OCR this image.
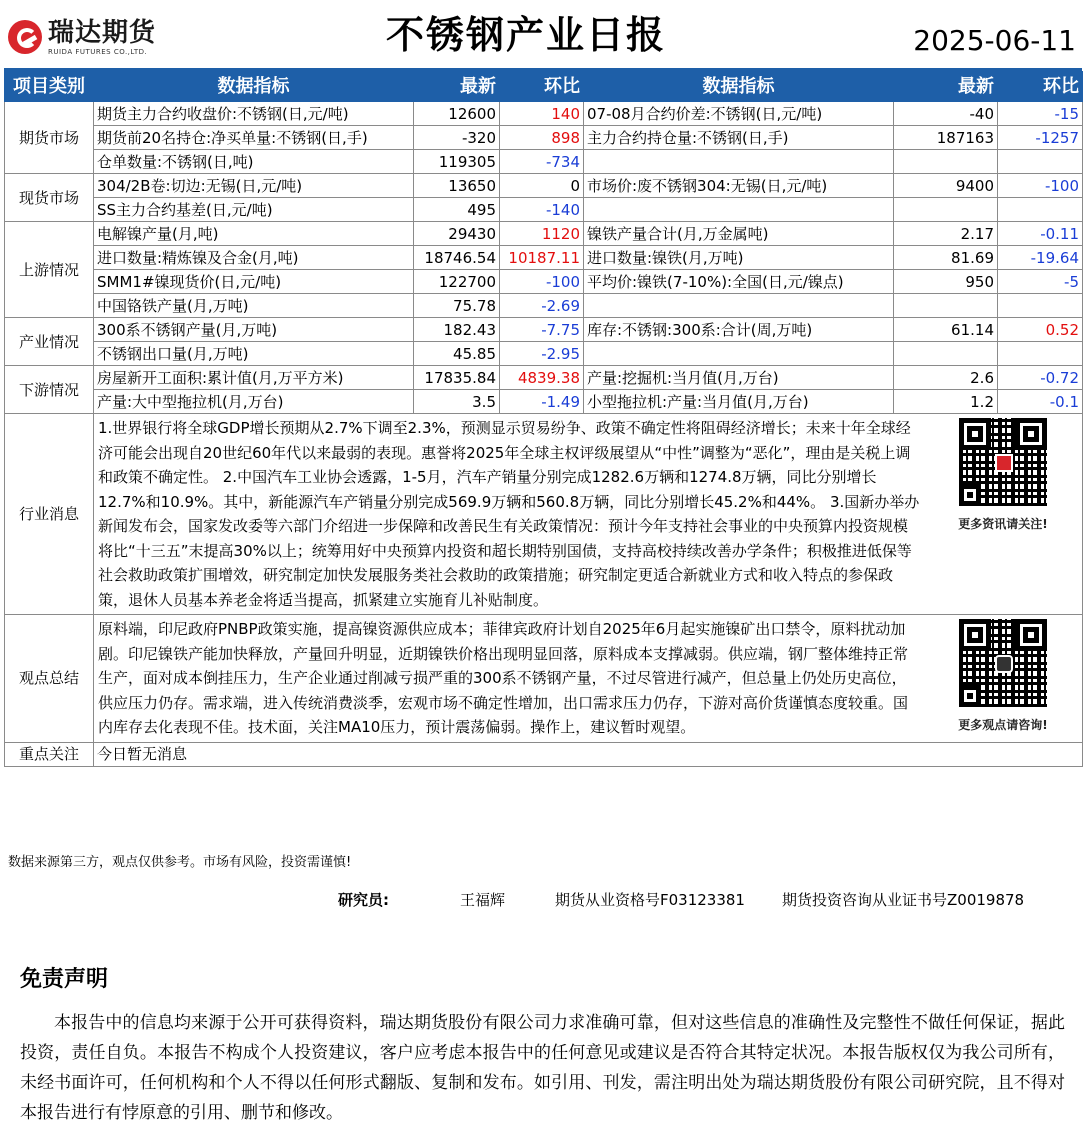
瑞达期货
RUIDA FUTURES CO.,LTD.	不锈钢产业日报	2025-06-11
项目类别	数据指标	最新	环比	数据指标	最新	环比
期货市场	期货主力合约收盘价:不锈钢(日,元/吨)	12600	140	07-08月合约价差:不锈钢(日,元/吨)	-40	-15
	期货前20名持仓:净买单量:不锈钢(日,手)	-320	898	主力合约持仓量:不锈钢(日,手)	187163	-1257
	仓单数量:不锈钢(日,吨)	119305	-734			
现货市场	304/2B卷:切边:无锡(日,元/吨)	13650	0	市场价:废不锈钢304:无锡(日,元/吨)	9400	-100
	SS主力合约基差(日,元/吨)	495	-140			
上游情况	电解镍产量(月,吨)	29430	1120	镍铁产量合计(月,万金属吨)	2.17	-0.11
	进口数量:精炼镍及合金(月,吨)	18746.54	10187.11	进口数量:镍铁(月,万吨)	81.69	-19.64
	SMM1#镍现货价(日,元/吨)	122700	-100	平均价:镍铁(7-10%):全国(日,元/镍点)	950	-5
	中国铬铁产量(月,万吨)	75.78	-2.69			
产业情况	300系不锈钢产量(月,万吨)	182.43	-7.75	库存:不锈钢:300系:合计(周,万吨)	61.14	0.52
	不锈钢出口量(月,万吨)	45.85	-2.95			
下游情况	房屋新开工面积:累计值(月,万平方米)	17835.84	4839.38	产量:挖掘机:当月值(月,万台)	2.6	-0.72
	产量:大中型拖拉机(月,万台)	3.5	-1.49	小型拖拉机:产量:当月值(月,万台)	1.2	-0.1
行业消息	1.世界银行将全球GDP增长预期从2.7%下调至2.3%，预测显示贸易纷争、政策不确定性将阻碍经济增长；未来十年全球经济可能会出现自20世纪60年代以来最弱的表现。惠誉将2025年全球主权评级展望从“中性”调整为“恶化”，理由是关税上调和政策不确定性。 2.中国汽车工业协会透露，1-5月，汽车产销量分别完成1282.6万辆和1274.8万辆，同比分别增长12.7%和10.9%。其中，新能源汽车产销量分别完成569.9万辆和560.8万辆，同比分别增长45.2%和44%。 3.国新办举办新闻发布会，国家发改委等六部门介绍进一步保障和改善民生有关政策情况：预计今年支持社会事业的中央预算内投资规模将比“十三五”末提高30%以上；统筹用好中央预算内投资和超长期特别国债，支持高校持续改善办学条件；积极推进低保等社会救助政策扩围增效，研究制定加快发展服务类社会救助的政策措施；研究制定更适合新就业方式和收入特点的参保政策，退休人员基本养老金将适当提高，抓紧建立实施育儿补贴制度。
更多资讯请关注!					

观点总结	原料端，印尼政府PNBP政策实施，提高镍资源供应成本；菲律宾政府计划自2025年6月起实施镍矿出口禁令，原料扰动加剧。印尼镍铁产能加快释放，产量回升明显，近期镍铁价格出现明显回落，原料成本支撑减弱。供应端，钢厂整体维持正常生产，面对成本倒挂压力，生产企业通过削减亏损严重的300系不锈钢产量，不过尽管进行减产，但总量上仍处历史高位，供应压力仍存。需求端，进入传统消费淡季，宏观市场不确定性增加，出口需求压力仍存，下游对高价货谨慎态度较重。国内库存去化表现不佳。技术面，关注MA10压力，预计震荡偏弱。操作上，建议暂时观望。 更多观点请咨询!					

重点关注	今日暂无消息					
数据来源第三方，观点仅供参考。市场有风险，投资需谨慎!
研究员:	王福辉	期货从业资格号F03123381 期货投资咨询从业证书号Z0019878
免责声明
本报告中的信息均来源于公开可获得资料，瑞达期货股份有限公司力求准确可靠，但对这些信息的准确性及完整性不做任何保证，据此投资，责任自负。本报告不构成个人投资建议，客户应考虑本报告中的任何意见或建议是否符合其特定状况。本报告版权仅为我公司所有，未经书面许可，任何机构和个人不得以任何形式翻版、复制和发布。如引用、刊发，需注明出处为瑞达期货股份有限公司研究院，且不得对本报告进行有悖原意的引用、删节和修改。
